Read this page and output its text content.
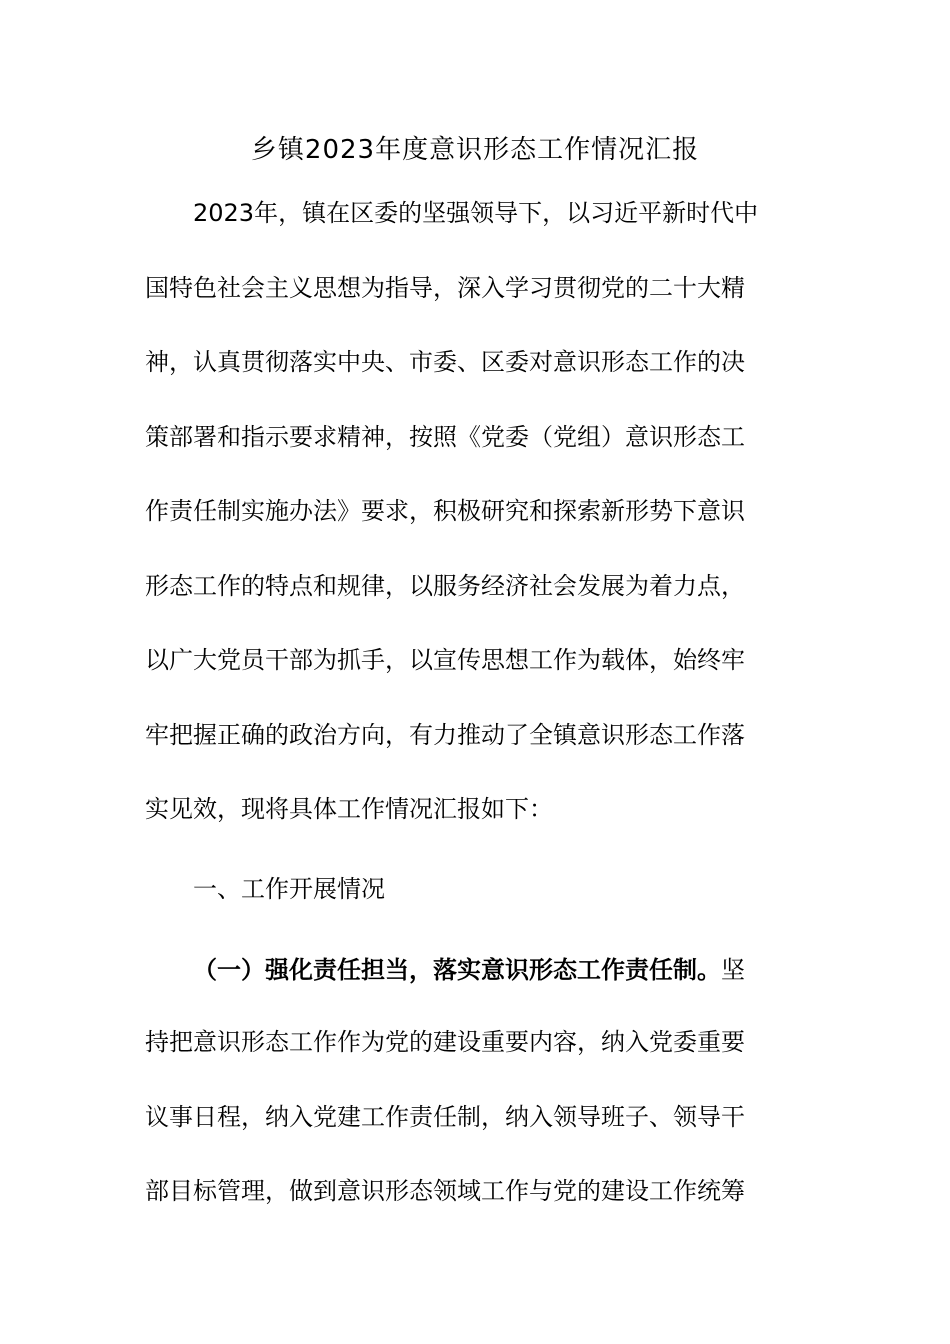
乡镇2023年度意识形态工作情况汇报
2023年，镇在区委的坚强领导下，以习近平新时代中
国特色社会主义思想为指导，深入学习贯彻党的二十大精
神，认真贯彻落实中央、市委、区委对意识形态工作的决
策部署和指示要求精神，按照《党委（党组）意识形态工
作责任制实施办法》要求，积极研究和探索新形势下意识
形态工作的特点和规律，以服务经济社会发展为着力点，
以广大党员干部为抓手，以宣传思想工作为载体，始终牢
牢把握正确的政治方向，有力推动了全镇意识形态工作落
实见效，现将具体工作情况汇报如下：
一、工作开展情况
（一）强化责任担当，落实意识形态工作责任制。坚
持把意识形态工作作为党的建设重要内容，纳入党委重要
议事日程，纳入党建工作责任制，纳入领导班子、领导干
部目标管理，做到意识形态领域工作与党的建设工作统筹
